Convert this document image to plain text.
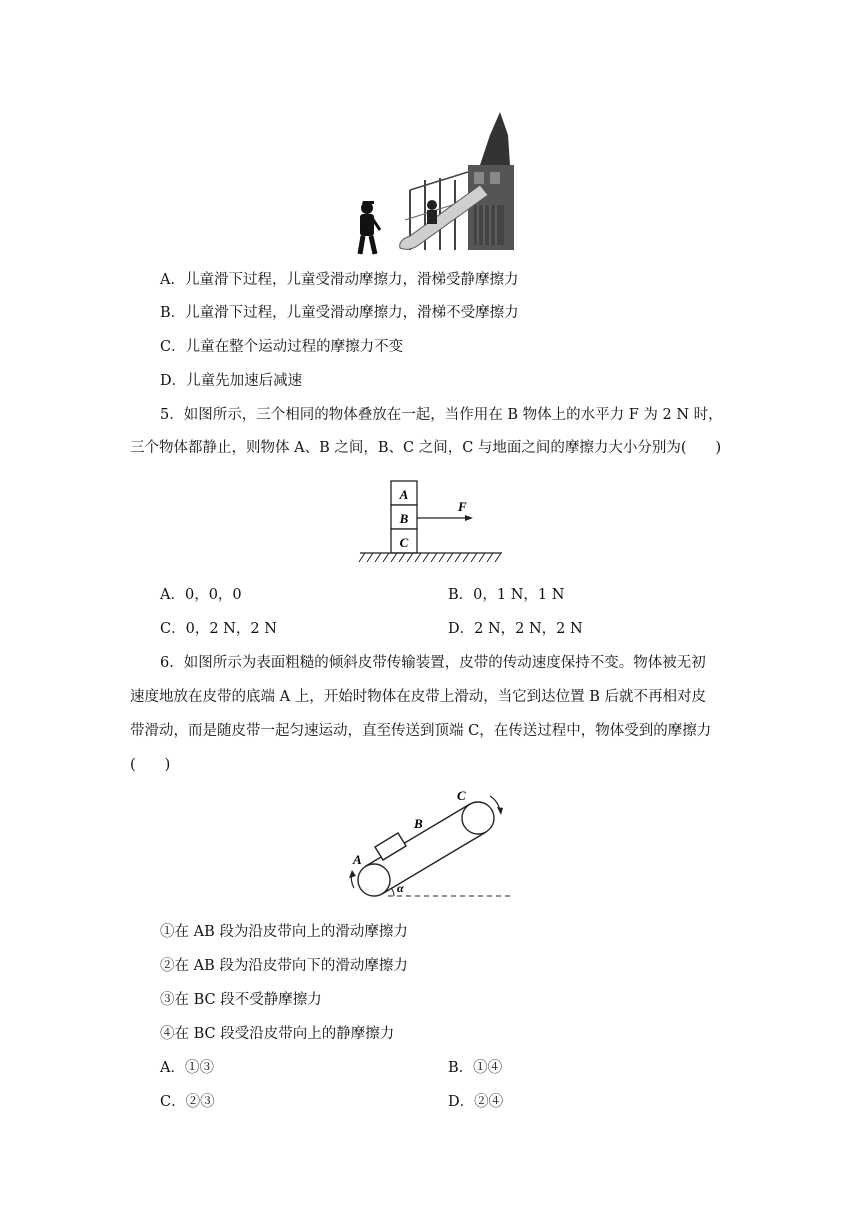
A．儿童滑下过程，儿童受滑动摩擦力，滑梯受静摩擦力
B．儿童滑下过程，儿童受滑动摩擦力，滑梯不受摩擦力
C．儿童在整个运动过程的摩擦力不变
D．儿童先加速后减速
5．如图所示，三个相同的物体叠放在一起，当作用在 B 物体上的水平力 F 为 2 N 时，
三个物体都静止，则物体 A、B 之间，B、C 之间，C 与地面之间的摩擦力大小分别为(　　)
A
B
C
F
A．0，0，0	B．0，1 N，1 N
C．0，2 N，2 N	D．2 N，2 N，2 N
6．如图所示为表面粗糙的倾斜皮带传输装置，皮带的传动速度保持不变。物体被无初
速度地放在皮带的底端 A 上，开始时物体在皮带上滑动，当它到达位置 B 后就不再相对皮
带滑动，而是随皮带一起匀速运动，直至传送到顶端 C，在传送过程中，物体受到的摩擦力
(　　)
α
A
B
C
①在 AB 段为沿皮带向上的滑动摩擦力
②在 AB 段为沿皮带向下的滑动摩擦力
③在 BC 段不受静摩擦力
④在 BC 段受沿皮带向上的静摩擦力
A．①③	B．①④
C．②③	D．②④
